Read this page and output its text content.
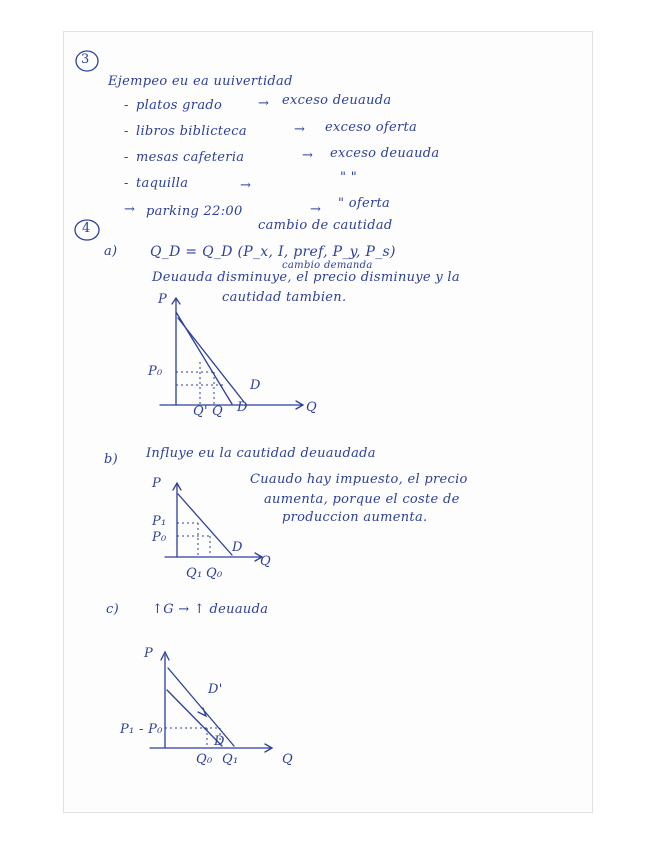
3
Ejempeo eu ea uuivertidad
- platos grado	→ exceso deuauda
- libros biblicteca	→ exceso oferta
- mesas cafeteria	→ exceso deuauda
- taquilla	→
" "
→ parking 22:00	→ " oferta
4	cambio de cautidad
a) Q_D = Q_D (P_x, I, pref, P_y, P_s)
cambio demanda
Deuauda disminuye, el precio disminuye y la
cautidad tambien.
P
Q
P₀
Q' Q
D
D
b) Influye eu la cautidad deuaudada
Cuaudo hay impuesto, el precio
aumenta, porque el coste de
produccion aumenta.
P
Q
P₁
P₀
Q₁ Q₀
D
c)	↑G → ↑ deuauda
P
Q
P₁ - P₀
Q₀ Q₁
D
D'
